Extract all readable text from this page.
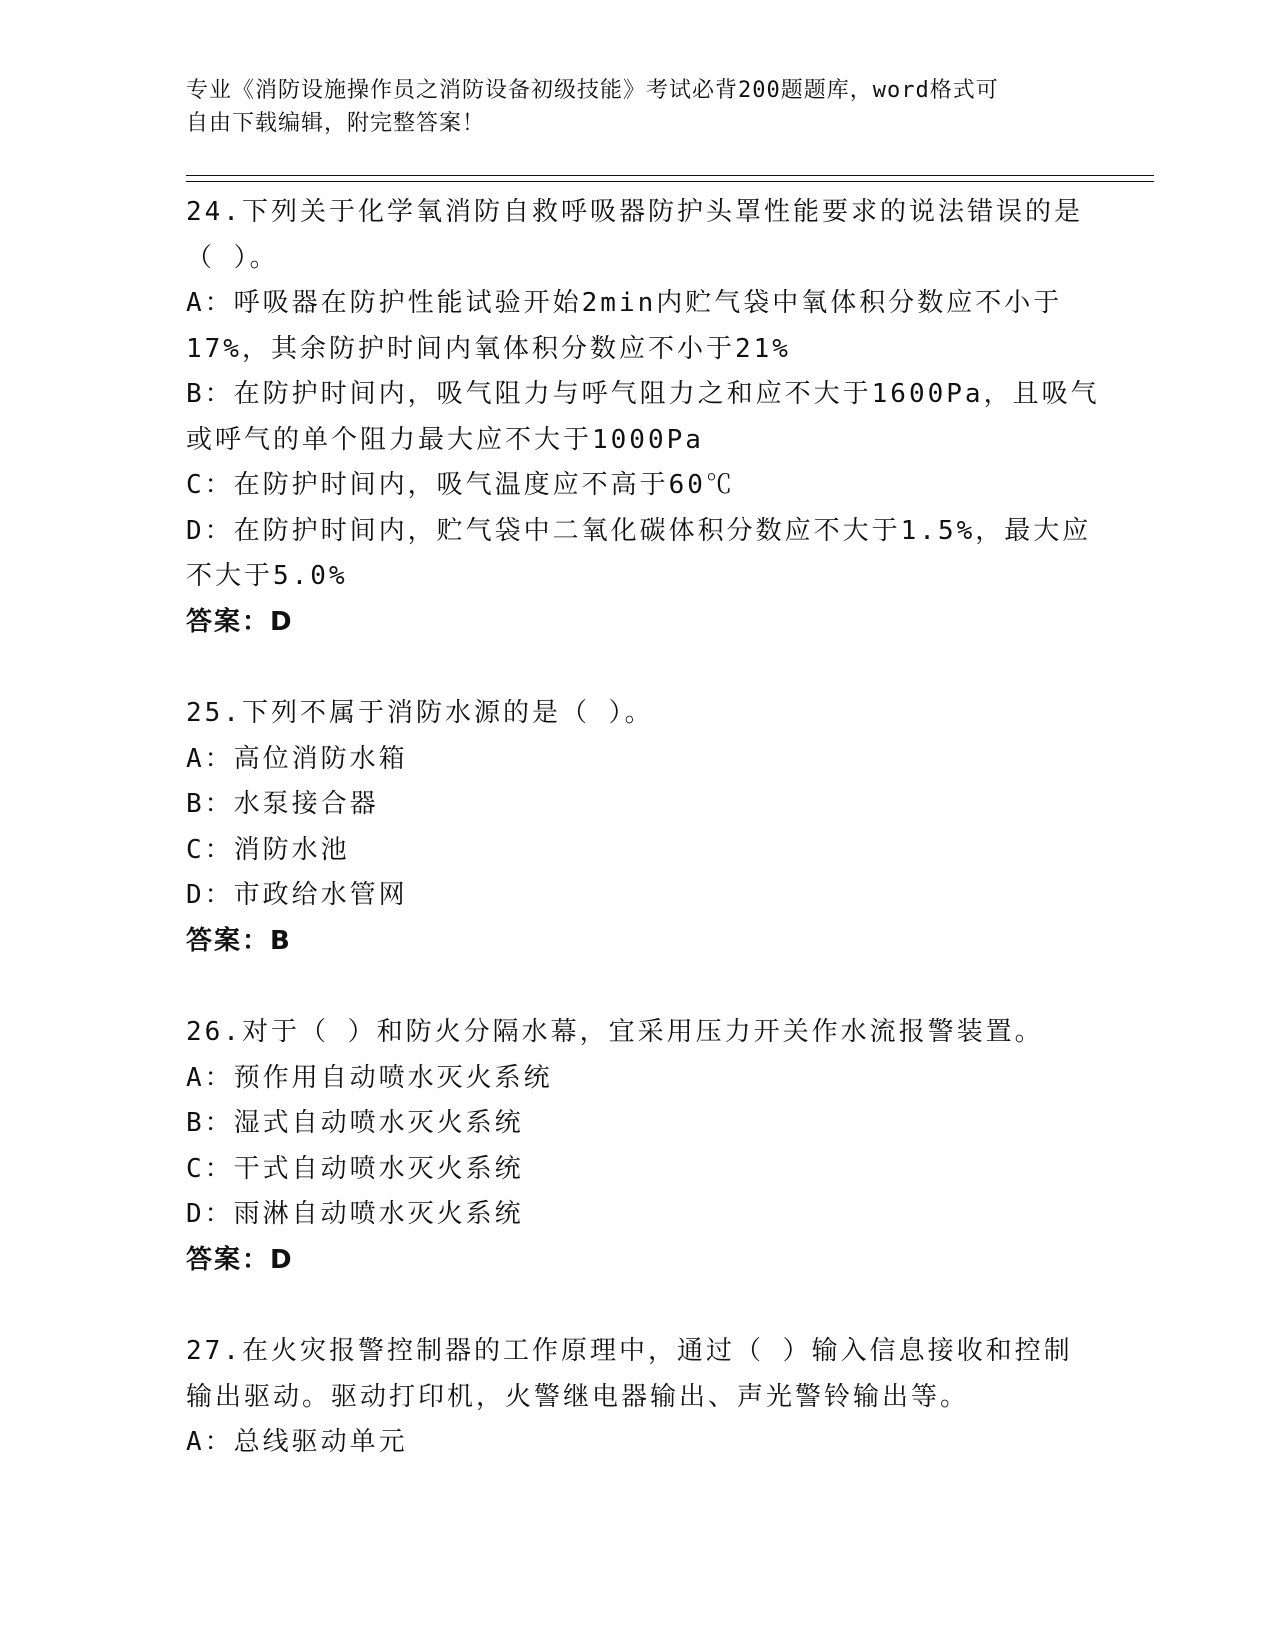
专业《消防设施操作员之消防设备初级技能》考试必背200题题库，word格式可
自由下载编辑，附完整答案！
24.下列关于化学氧消防自救呼吸器防护头罩性能要求的说法错误的是
（ ）。
A：呼吸器在防护性能试验开始2min内贮气袋中氧体积分数应不小于
17%，其余防护时间内氧体积分数应不小于21%
B：在防护时间内，吸气阻力与呼气阻力之和应不大于1600Pa，且吸气
或呼气的单个阻力最大应不大于1000Pa
C：在防护时间内，吸气温度应不高于60℃
D：在防护时间内，贮气袋中二氧化碳体积分数应不大于1.5%，最大应
不大于5.0%
答案：D
25.下列不属于消防水源的是（ ）。
A：高位消防水箱
B：水泵接合器
C：消防水池
D：市政给水管网
答案：B
26.对于（ ）和防火分隔水幕，宜采用压力开关作水流报警装置。
A：预作用自动喷水灭火系统
B：湿式自动喷水灭火系统
C：干式自动喷水灭火系统
D：雨淋自动喷水灭火系统
答案：D
27.在火灾报警控制器的工作原理中，通过（ ）输入信息接收和控制
输出驱动。驱动打印机，火警继电器输出、声光警铃输出等。
A：总线驱动单元
